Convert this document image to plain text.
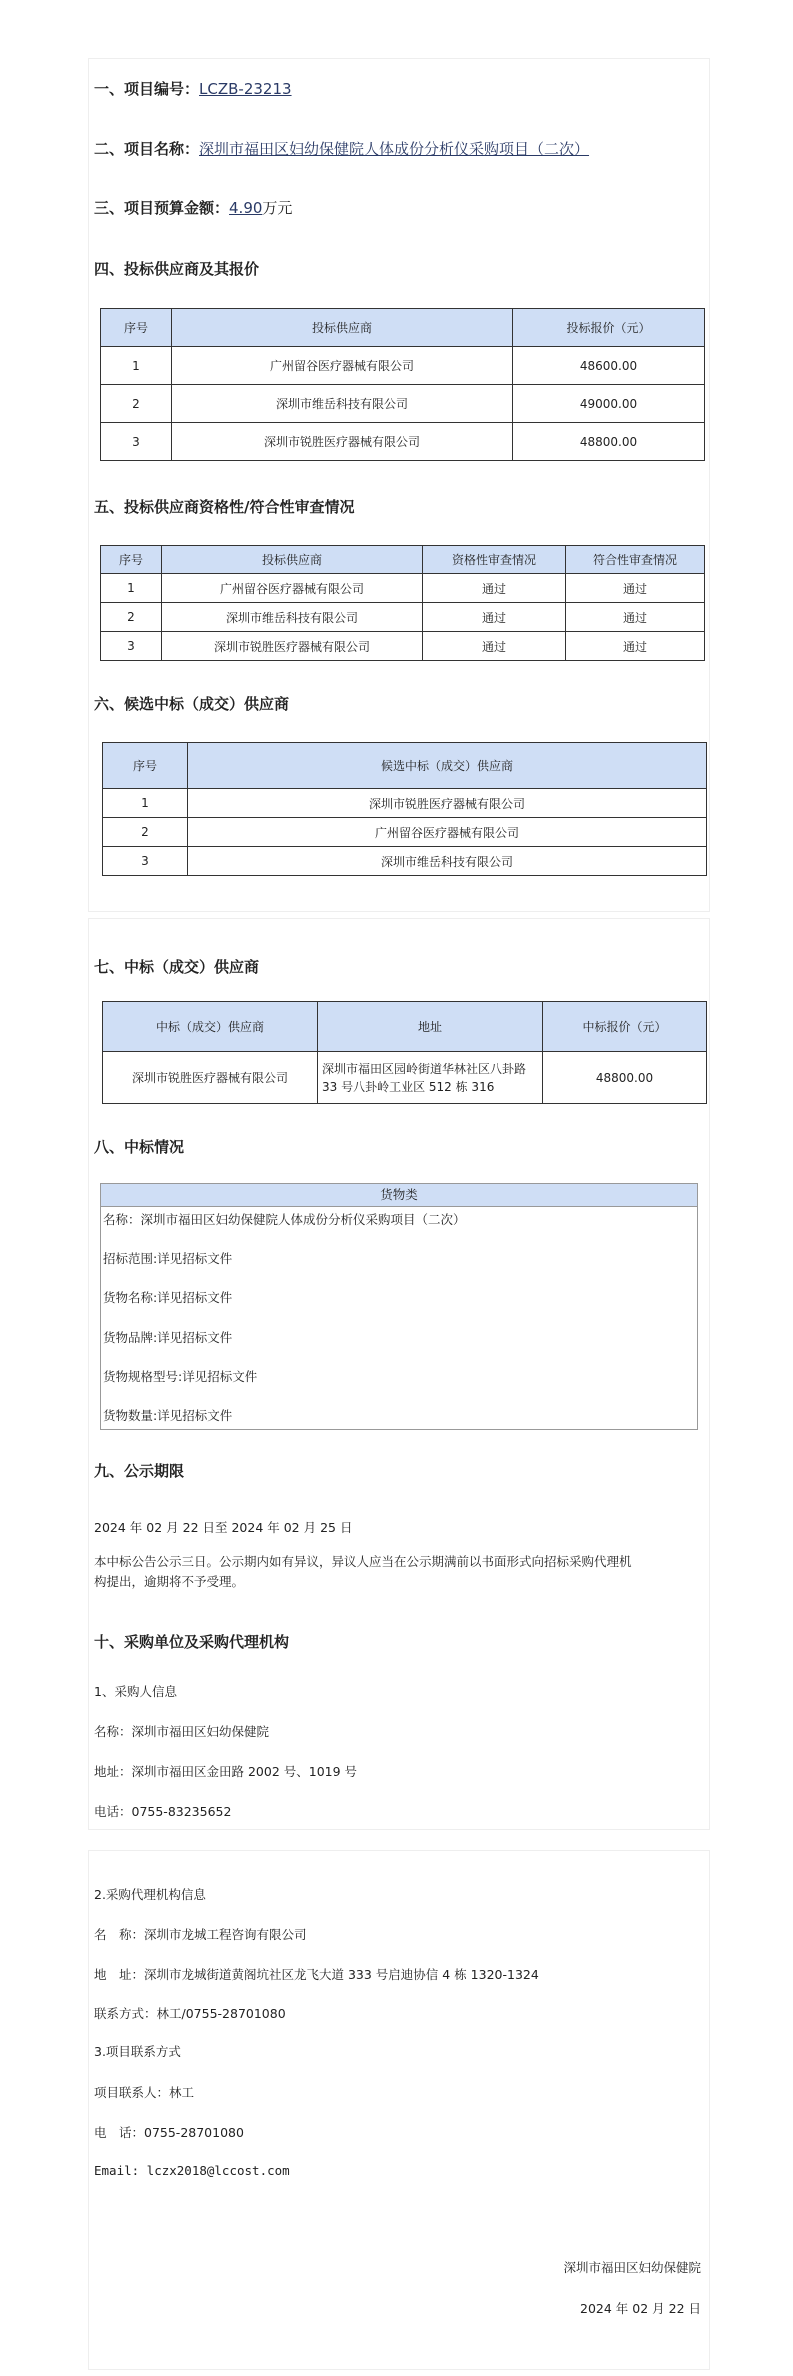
一、项目编号：LCZB-23213
二、项目名称：深圳市福田区妇幼保健院人体成份分析仪采购项目（二次）
三、项目预算金额：4.90万元
四、投标供应商及其报价
序号	投标供应商	投标报价（元）
1	广州留谷医疗器械有限公司	48600.00
2	深圳市维岳科技有限公司	49000.00
3	深圳市锐胜医疗器械有限公司	48800.00
五、投标供应商资格性/符合性审查情况
序号	投标供应商	资格性审查情况	符合性审查情况
1	广州留谷医疗器械有限公司	通过	通过
2	深圳市维岳科技有限公司	通过	通过
3	深圳市锐胜医疗器械有限公司	通过	通过
六、候选中标（成交）供应商
序号	候选中标（成交）供应商
1	深圳市锐胜医疗器械有限公司
2	广州留谷医疗器械有限公司
3	深圳市维岳科技有限公司
七、中标（成交）供应商
中标（成交）供应商	地址	中标报价（元）
深圳市锐胜医疗器械有限公司	深圳市福田区园岭街道华林社区八卦路 33 号八卦岭工业区 512 栋 316	48800.00
八、中标情况
货物类
名称：深圳市福田区妇幼保健院人体成份分析仪采购项目（二次）
招标范围:详见招标文件
货物名称:详见招标文件
货物品牌:详见招标文件
货物规格型号:详见招标文件
货物数量:详见招标文件
九、公示期限
2024 年 02 月 22 日至 2024 年 02 月 25 日
本中标公告公示三日。公示期内如有异议，异议人应当在公示期满前以书面形式向招标采购代理机
构提出，逾期将不予受理。
十、采购单位及采购代理机构
1、采购人信息
名称：深圳市福田区妇幼保健院
地址：深圳市福田区金田路 2002 号、1019 号
电话：0755-83235652
2.采购代理机构信息
名　称：深圳市龙城工程咨询有限公司
地　址：深圳市龙城街道黄阁坑社区龙飞大道 333 号启迪协信 4 栋 1320-1324
联系方式：林工/0755-28701080
3.项目联系方式
项目联系人：林工
电　话：0755-28701080
Email: lczx2018@lccost.com
深圳市福田区妇幼保健院
2024 年 02 月 22 日
